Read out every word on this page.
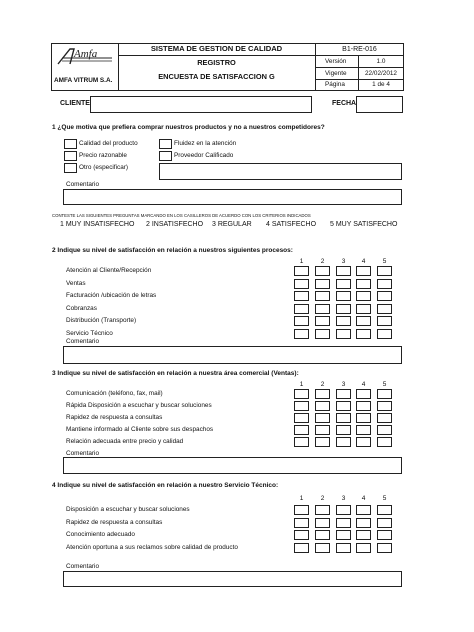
Amfa
AMFA VITRUM S.A.
SISTEMA DE GESTION DE CALIDAD
REGISTRO
ENCUESTA DE SATISFACCION G
B1-RE-016
Versión	1.0
Vigente	22/02/2012
Página	1 de 4
CLIENTE	FECHA
1 ¿Que motiva que prefiera comprar nuestros productos y no a nuestros competidores?
Calidad del producto
Precio razonable
Otro (especificar)
Fluidez en la atención
Proveedor Calificado
Comentario
CONTESTE LAS SIGUIENTES PREGUNTAS MARCANDO EN LOS CASILLEROS DE ACUERDO CON LOS CRITERIOS INDICADOS
1 MUY INSATISFECHO 2 INSATISFECHO 3 REGULAR 4 SATISFECHO 5 MUY SATISFECHO
2 Indique su nivel de satisfacción en relación a nuestros siguientes procesos:
1	2	3	4	5
Atención al Cliente/Recepción
Ventas
Facturación /ubicación de letras
Cobranzas
Distribución (Transporte)
Servicio Técnico
Comentario
3 Indique su nivel de satisfacción en relación a nuestra área comercial (Ventas):
1	2	3	4	5
Comunicación (teléfono, fax, mail)
Rápida Disposición a escuchar y buscar soluciones
Rapidez de respuesta a consultas
Mantiene informado al Cliente sobre sus despachos
Relación adecuada entre precio y calidad
Comentario
4 Indique su nivel de satisfacción en relación a nuestro Servicio Técnico:
1	2	3	4	5
Disposición a escuchar y buscar soluciones
Rapidez de respuesta a consultas
Conocimiento adecuado
Atención oportuna a sus reclamos sobre calidad de producto
Comentario
